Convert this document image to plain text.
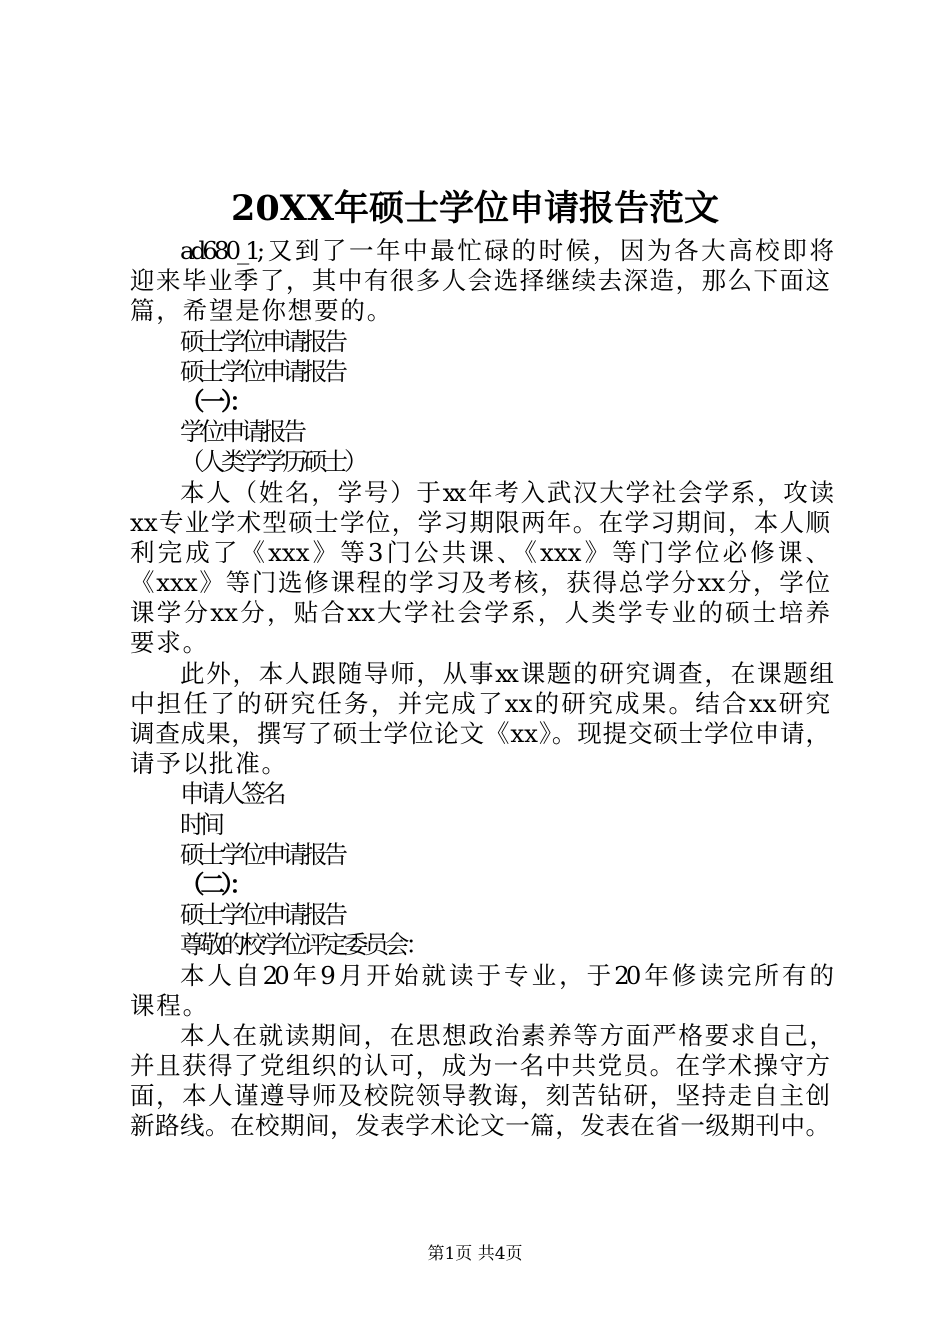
20XX年硕士学位申请报告范文
ad680_1;又到了一年中最忙碌的时候，因为各大高校即将
迎来毕业季了，其中有很多人会选择继续去深造，那么下面这
篇，希望是你想要的。
硕士学位申请报告
硕士学位申请报告
（一）：
学位申请报告
（人类学学历硕士）
本人（姓名，学号）于xx年考入武汉大学社会学系，攻读
xx专业学术型硕士学位，学习期限两年。在学习期间，本人顺
利完成了《xxx》等3门公共课、《xxx》等门学位必修课、
《xxx》等门选修课程的学习及考核，获得总学分xx分，学位
课学分xx分，贴合xx大学社会学系，人类学专业的硕士培养
要求。
此外，本人跟随导师，从事xx课题的研究调查，在课题组
中担任了的研究任务，并完成了xx的研究成果。结合xx研究
调查成果，撰写了硕士学位论文《xx》。现提交硕士学位申请，
请予以批准。
申请人签名
时间
硕士学位申请报告
（二）：
硕士学位申请报告
尊敬的校学位评定委员会：
本人自20年9月开始就读于专业，于20年修读完所有的
课程。
本人在就读期间，在思想政治素养等方面严格要求自己，
并且获得了党组织的认可，成为一名中共党员。在学术操守方
面，本人谨遵导师及校院领导教诲，刻苦钻研，坚持走自主创
新路线。在校期间，发表学术论文一篇，发表在省一级期刊中。
第1页 共4页
